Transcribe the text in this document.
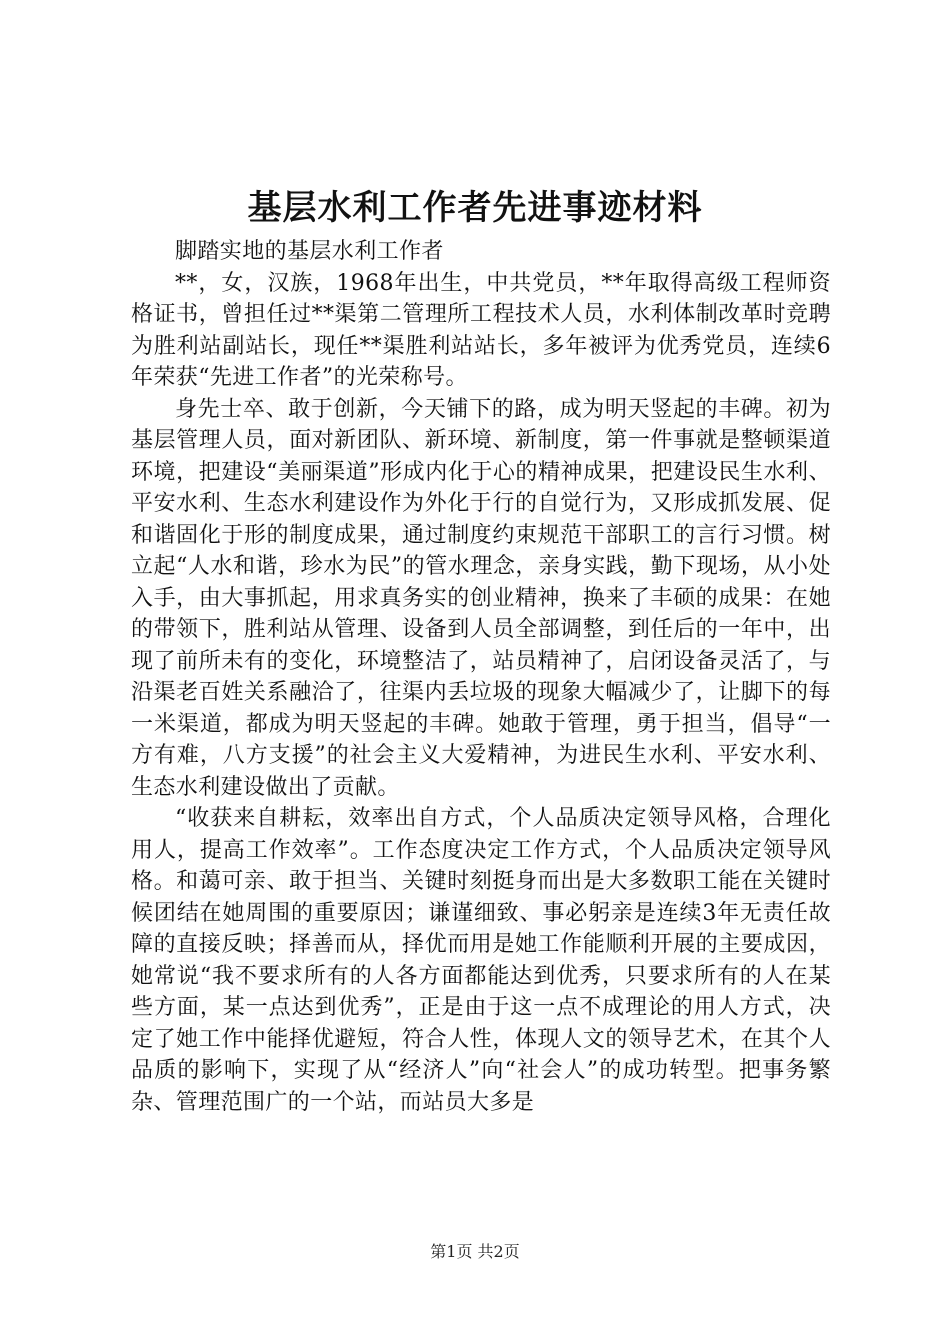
基层水利工作者先进事迹材料

脚踏实地的基层水利工作者

**，女，汉族，1968年出生，中共党员，**年取得高级工程师资格证书，曾担任过**渠第二管理所工程技术人员，水利体制改革时竞聘为胜利站副站长，现任**渠胜利站站长，多年被评为优秀党员，连续6年荣获“先进工作者”的光荣称号。

身先士卒、敢于创新，今天铺下的路，成为明天竖起的丰碑。初为基层管理人员，面对新团队、新环境、新制度，第一件事就是整顿渠道环境，把建设“美丽渠道”形成内化于心的精神成果，把建设民生水利、平安水利、生态水利建设作为外化于行的自觉行为，又形成抓发展、促和谐固化于形的制度成果，通过制度约束规范干部职工的言行习惯。树立起“人水和谐，珍水为民”的管水理念，亲身实践，勤下现场，从小处入手，由大事抓起，用求真务实的创业精神，换来了丰硕的成果：在她的带领下，胜利站从管理、设备到人员全部调整，到任后的一年中，出现了前所未有的变化，环境整洁了，站员精神了，启闭设备灵活了，与沿渠老百姓关系融洽了，往渠内丢垃圾的现象大幅减少了，让脚下的每一米渠道，都成为明天竖起的丰碑。她敢于管理，勇于担当，倡导“一方有难，八方支援”的社会主义大爱精神，为进民生水利、平安水利、生态水利建设做出了贡献。

“收获来自耕耘，效率出自方式，个人品质决定领导风格，合理化用人，提高工作效率”。工作态度决定工作方式，个人品质决定领导风格。和蔼可亲、敢于担当、关键时刻挺身而出是大多数职工能在关键时候团结在她周围的重要原因；谦谨细致、事必躬亲是连续3年无责任故障的直接反映；择善而从，择优而用是她工作能顺利开展的主要成因，她常说“我不要求所有的人各方面都能达到优秀，只要求所有的人在某些方面，某一点达到优秀”，正是由于这一点不成理论的用人方式，决定了她工作中能择优避短，符合人性，体现人文的领导艺术，在其个人品质的影响下，实现了从“经济人”向“社会人”的成功转型。把事务繁杂、管理范围广的一个站，而站员大多是

第1页 共2页
